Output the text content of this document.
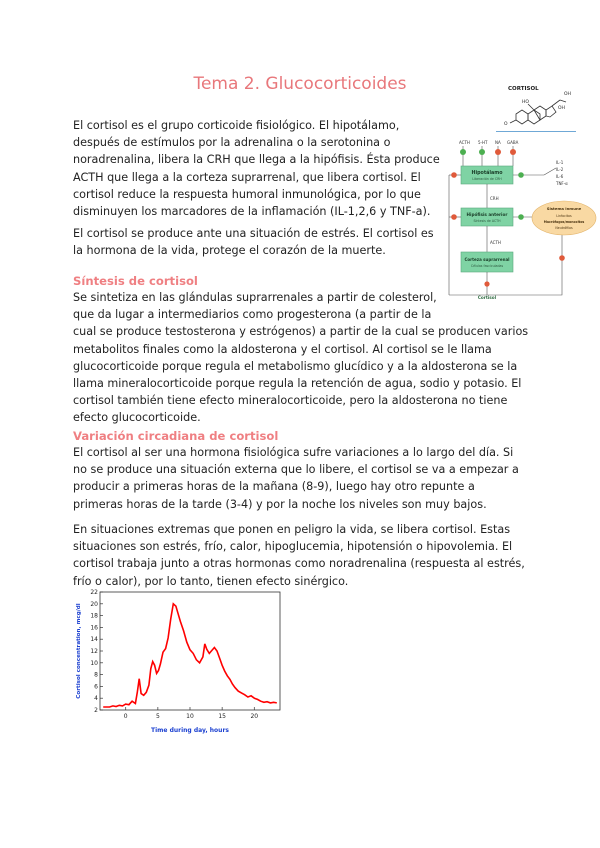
Tema 2. Glucocorticoides	CORTISOL
OH
OH
HO
O
El cortisol es el grupo corticoide fisiológico. El hipotálamo,
después de estímulos por la adrenalina o la serotonina o
noradrenalina, libera la CRH que llega a la hipófisis. Ésta produce
ACTH que llega a la corteza suprarrenal, que libera cortisol. El
cortisol reduce la respuesta humoral inmunológica, por lo que
disminuyen los marcadores de la inflamación (IL-1,2,6 y TNF-a).
El cortisol se produce ante una situación de estrés. El cortisol es
la hormona de la vida, protege el corazón de la muerte.
ACTH 5-HT NA GABA
Hipotálamo
Liberación de CRH
CRH
Hipófisis anterior
Síntesis de ACTH
ACTH
Corteza suprarrenal
Células fasciculadas
Cortisol
IL-1
IL-2
IL-6
TNF-α
Sistema inmune
Linfocitos
Macrófagos/monocitos
Neutrófilos
Síntesis de cortisol
Se sintetiza en las glándulas suprarrenales a partir de colesterol,
que da lugar a intermediarios como progesterona (a partir de la
cual se produce testosterona y estrógenos) a partir de la cual se producen varios
metabolitos finales como la aldosterona y el cortisol. Al cortisol se le llama
glucocorticoide porque regula el metabolismo glucídico y a la aldosterona se la
llama mineralocorticoide porque regula la retención de agua, sodio y potasio. El
cortisol también tiene efecto mineralocorticoide, pero la aldosterona no tiene
efecto glucocorticoide.
Variación circadiana de cortisol
El cortisol al ser una hormona fisiológica sufre variaciones a lo largo del día. Si
no se produce una situación externa que lo libere, el cortisol se va a empezar a
producir a primeras horas de la mañana (8-9), luego hay otro repunte a
primeras horas de la tarde (3-4) y por la noche los niveles son muy bajos.
En situaciones extremas que ponen en peligro la vida, se libera cortisol. Estas
situaciones son estrés, frío, calor, hipoglucemia, hipotensión o hipovolemia. El
cortisol trabaja junto a otras hormonas como noradrenalina (respuesta al estrés,
frío o calor), por lo tanto, tienen efecto sinérgico.
2
4
6
8
10
12
14
16
18
20
22
0	5	10	15	20
Cortisol concentration, mcg/dl
Time during day, hours
